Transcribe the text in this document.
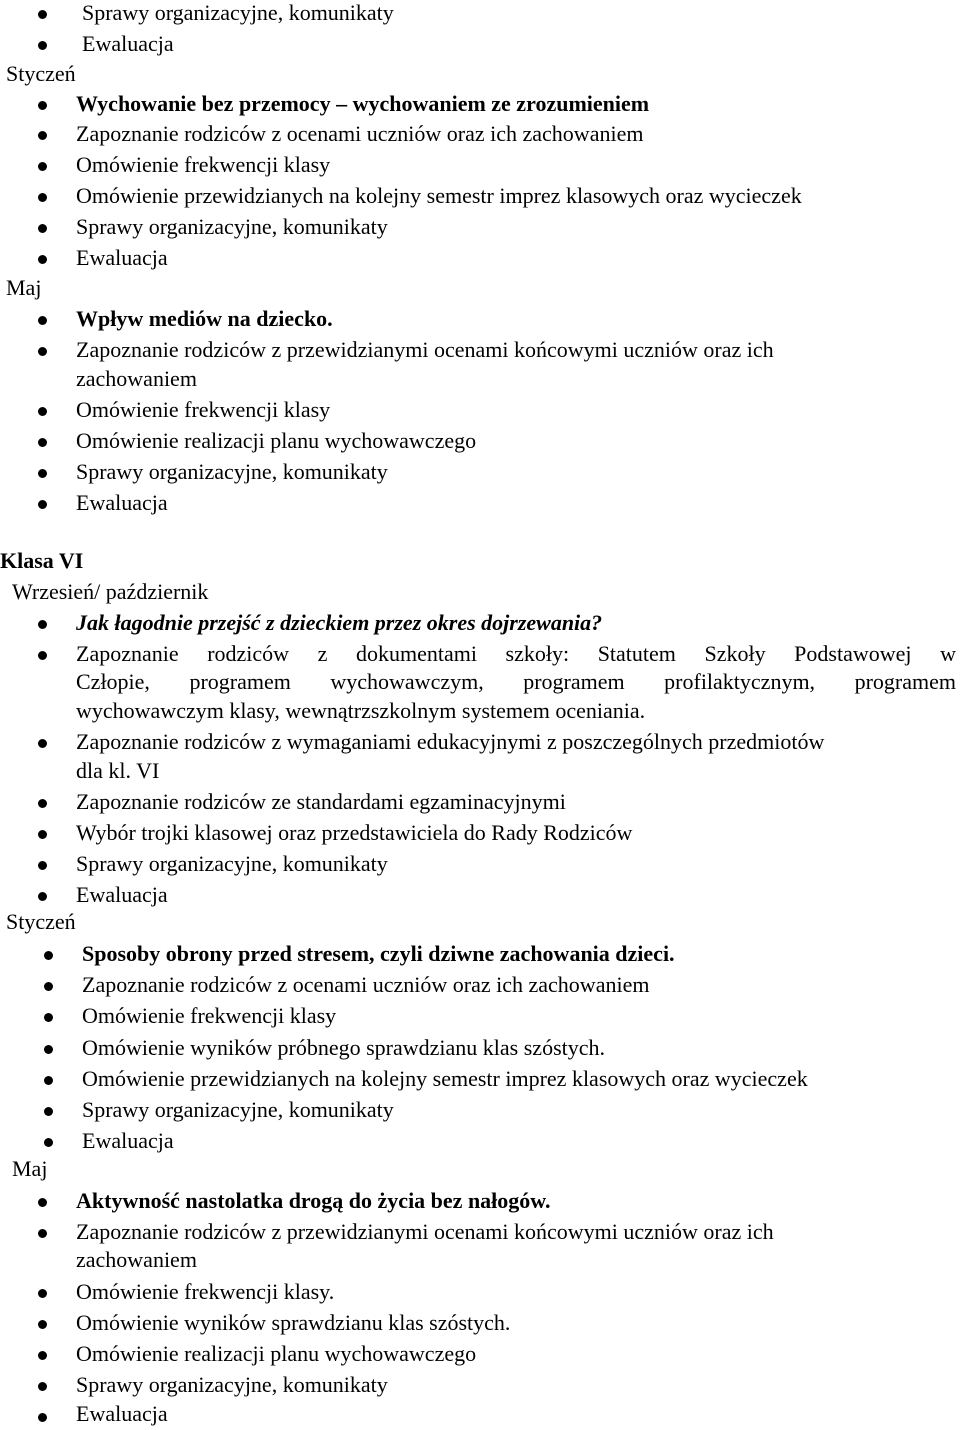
Sprawy organizacyjne, komunikaty
Ewaluacja
Styczeń
Wychowanie bez przemocy – wychowaniem ze zrozumieniem
Zapoznanie rodziców z ocenami uczniów oraz ich zachowaniem
Omówienie frekwencji klasy
Omówienie przewidzianych na kolejny semestr imprez klasowych oraz wycieczek
Sprawy organizacyjne, komunikaty
Ewaluacja
Maj
Wpływ mediów na dziecko.
Zapoznanie rodziców z przewidzianymi ocenami końcowymi uczniów oraz ich
zachowaniem
Omówienie frekwencji klasy
Omówienie realizacji planu wychowawczego
Sprawy organizacyjne, komunikaty
Ewaluacja
Klasa VI
Wrzesień/ październik
Jak łagodnie przejść z dzieckiem przez okres dojrzewania?
Zapoznanie rodziców z dokumentami szkoły: Statutem Szkoły Podstawowej w
Człopie, programem wychowawczym, programem profilaktycznym, programem
wychowawczym klasy, wewnątrzszkolnym systemem oceniania.
Zapoznanie rodziców z wymaganiami edukacyjnymi z poszczególnych przedmiotów
dla kl. VI
Zapoznanie rodziców ze standardami egzaminacyjnymi
Wybór trojki klasowej oraz przedstawiciela do Rady Rodziców
Sprawy organizacyjne, komunikaty
Ewaluacja
Styczeń
Sposoby obrony przed stresem, czyli dziwne zachowania dzieci.
Zapoznanie rodziców z ocenami uczniów oraz ich zachowaniem
Omówienie frekwencji klasy
Omówienie wyników próbnego sprawdzianu klas szóstych.
Omówienie przewidzianych na kolejny semestr imprez klasowych oraz wycieczek
Sprawy organizacyjne, komunikaty
Ewaluacja
Maj
Aktywność nastolatka drogą do życia bez nałogów.
Zapoznanie rodziców z przewidzianymi ocenami końcowymi uczniów oraz ich
zachowaniem
Omówienie frekwencji klasy.
Omówienie wyników sprawdzianu klas szóstych.
Omówienie realizacji planu wychowawczego
Sprawy organizacyjne, komunikaty
Ewaluacja
